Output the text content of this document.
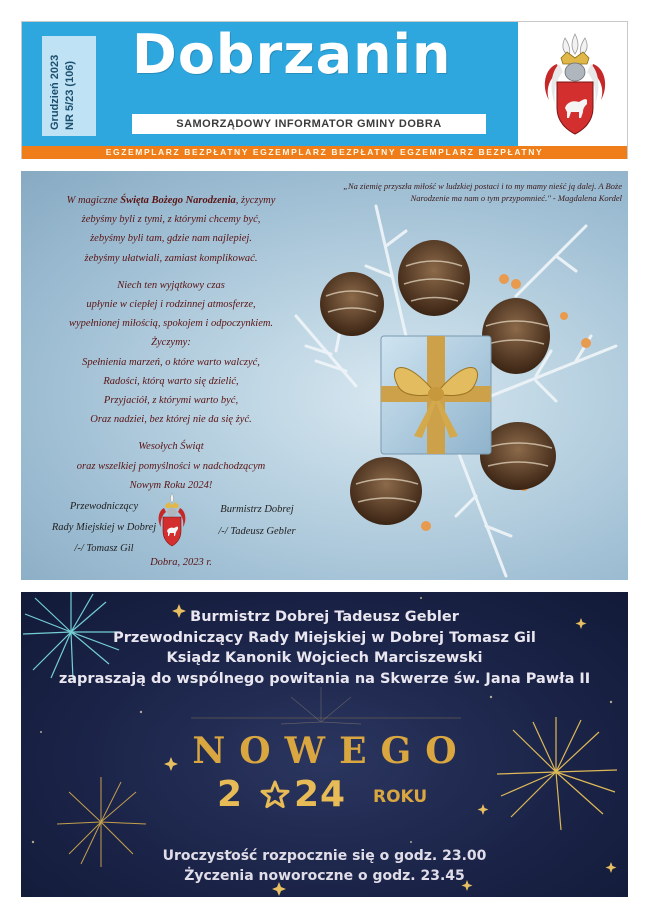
Grudzień 2023 NR 5/23 (106)
Dobrzanin
SAMORZĄDOWY INFORMATOR GMINY DOBRA
EGZEMPLARZ BEZPŁATNY EGZEMPLARZ BEZPŁATNY EGZEMPLARZ BEZPŁATNY
„Na ziemię przyszła miłość w ludzkiej postaci i to my mamy nieść ją dalej. A Boże Narodzenie ma nam o tym przypomnieć." - Magdalena Kordel
W magiczne Święta Bożego Narodzenia, życzymy
żebyśmy byli z tymi, z którymi chcemy być,
żebyśmy byli tam, gdzie nam najlepiej.
żebyśmy ułatwiali, zamiast komplikować.
Niech ten wyjątkowy czas
upłynie w ciepłej i rodzinnej atmosferze,
wypełnionej miłością, spokojem i odpoczynkiem.
Życzymy:
Spełnienia marzeń, o które warto walczyć,
Radości, którą warto się dzielić,
Przyjaciół, z którymi warto być,
Oraz nadziei, bez której nie da się żyć.
Wesołych Świąt
oraz wszelkiej pomyślności w nadchodzącym
Nowym Roku 2024!
Przewodniczący
Rady Miejskiej w Dobrej
/-/ Tomasz Gil
Burmistrz Dobrej
/-/ Tadeusz Gebler
Dobra, 2023 r.
Burmistrz Dobrej Tadeusz Gebler
Przewodniczący Rady Miejskiej w Dobrej Tomasz Gil
Ksiądz Kanonik Wojciech Marciszewski
zapraszają do wspólnego powitania na Skwerze św. Jana Pawła II
NOWEGO
2 24 ROKU
Uroczystość rozpocznie się o godz. 23.00
Życzenia noworoczne o godz. 23.45
